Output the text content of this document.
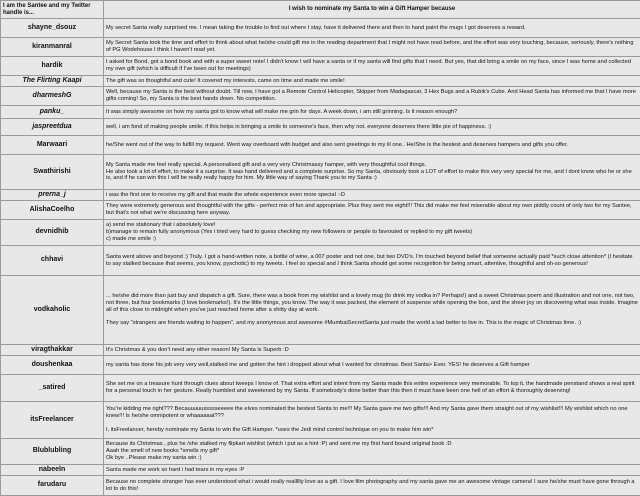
I am the Santee and my Twitter handle is...	I wish to nominate my Santa to win a Gift Hamper because
shayne_dsouz	My secret Santa really surprised me. I mean taking the trouble to find out where I stay, have it delivered there and then to hand paint the mugs I got deserves a reward.
kiranmanral	My Secret Santa took the time and effort to think about what he/she could gift me in the reading department that I might not have read before, and the effort was very touching, because, seriously, there's nothing of PG Wodehouse I think I haven't read yet.
hardik	I asked for Bond, got a bond book and with a super sweet note! I didn't know I will have a santa or if my santa will find gifts that I need. But yes, that did bring a smile on my face, since I was home and collected my own gift (which is difficult if I've been out for meetings)
The Flirting Kaapi	The gift was so thoughtful and cute! It covered my interests, came on time and made me smile!
dharmeshG	Well, because my Santa is the best without doubt. Till now, I have got a Remote Control Helicopter, Skipper from Madagascar, 3 Hex Bugs and a Rubik's Cube. And Head Santa has informed me that I have more gifts coming! So, my Santa is the best hands down. No competition.
panku_	It was simply awesome on how my santa got to know what will make me grin for days. A week down, i am still grinning. Is it reason enough?
jaspreetdua	well, i am fond of making people smile. if this helps in bringing a smile to someone's face, then why not. everyone deserves there little pie of happiness. :)
Marwaari	he/She went out of the way to fulfill my request. Went way overboard with budget and also sent greetings to my lil one.. He/She is the bestest and deserves hampers and gifts you offer.
Swathirishi	My Santa made me feel really special. A personalised gift and a very very Christmassy hamper, with very thoughtful cool things.
He also took a lot of effort, to make it a surprise. It was hand delivered and a complete surprise. So my Santa, obviously took a LOT of effort to make this very very special for me, and I dont know who he or she is, and if he can win this I will be really really happy for him. My little way of saying Thank you to my Santa :)
prerna_j	i was the first one to receive my gift and that made the whole experience even more special :-D
AlishaCoelho	They were extremely generous and thoughtful with the gifts - perfect mix of fun and appropriate. Plus they sent me eight!!! This did make me feel miserable about my own piddly count of only two for my Santee, but that's not what we're discussing here anyway.
devnidhib	a) send me stationary that i absolutely love!
b)manage to remain fully anonymous (Yes i tried very hard to guess checking my new followers or people to favrouted or replied to my gift tweets)
c) made me smile :)
chhavi	Santa went above and beyond :) Truly. I got a hand-written note, a bottle of wine, a 007 poster and not one, but two DVD's. I'm touched beyond belief that someone actually paid *such close attention* (I hesitate to say stalked because that seems, you know, pyschotic) to my tweets. I feel so special and I think Santa should get some recognition for being smart, attentive, thoughtful and oh-so generous!
vodkaholic	... he/she did more than just buy and dispatch a gift. Sure, there was a book from my wishlist and a lovely mug (to drink my vodka in? Perhaps!) and a sweet Christmas poem and illustration and not one, not two, not three, but four bookmarks (I love bookmarks!). It's the little things, you know. The way it was packed, the element of suspense while opening the box, and the sheer joy on discovering what was inside. Imagine all of this close to midnight when you've just reached home after a shitty day at work.

They say "strangers are friends waiting to happen", and my anonymous and awesome #MumbaiSecretSanta just made the world a tad better to live in. This is the magic of Christmas time. :)
viragthakkar	It's Christmas & you don't need any other reason! My Santa is Superb :D
doushenkaa	my santa has done his job very very well,stalked me and gotten the hint i dropped about what I wanted for christmas. Best Santa> Ever. YES! he deserves a Gift hamper
_satired	She set me on a treasure hunt through clues about tweeps I know of. That extra effort and intent from my Santa made this entire experience very memorable. To top it, the handmade penstand shows a real spirit for a personal touch in her gesture. Really humbled and sweetened by my Santa. If somebody's done better than this then it must have been one hell of an effort & thoroughly deserving!
itsFreelancer	You're kidding me right??? Becauuuuussssseeeee the elves nominated the bestest Santa to me!!! My Santa gave me two gifts!!! And my Santa gave them straight out of my wishlist!!! My wishlist which no one knew!!! Is he/she omnipotent or whaaaaaat???

I, itsFreelancer, hereby nominate my Santa to win the Gift Hamper. *uses the Jedi mind control technique on you to make him win*
Blublubling	Because its Christmas , plus he /she stalked my flipkart wishlist (which i put as a hint :P) and sent me my first hard bound original book :D
Aaah the smell of new books *smells my gift*
Ok bye ..Please make my santa win :)
nabeeln	Santa made me work so hard i had tears in my eyes :P
farudaru	Because no complete stranger has ever understood what i would really reallllly love as a gift. I love film photography and my santa gave me an awesome vintage camera! I sure he/she must have gone through a lot to do this!
